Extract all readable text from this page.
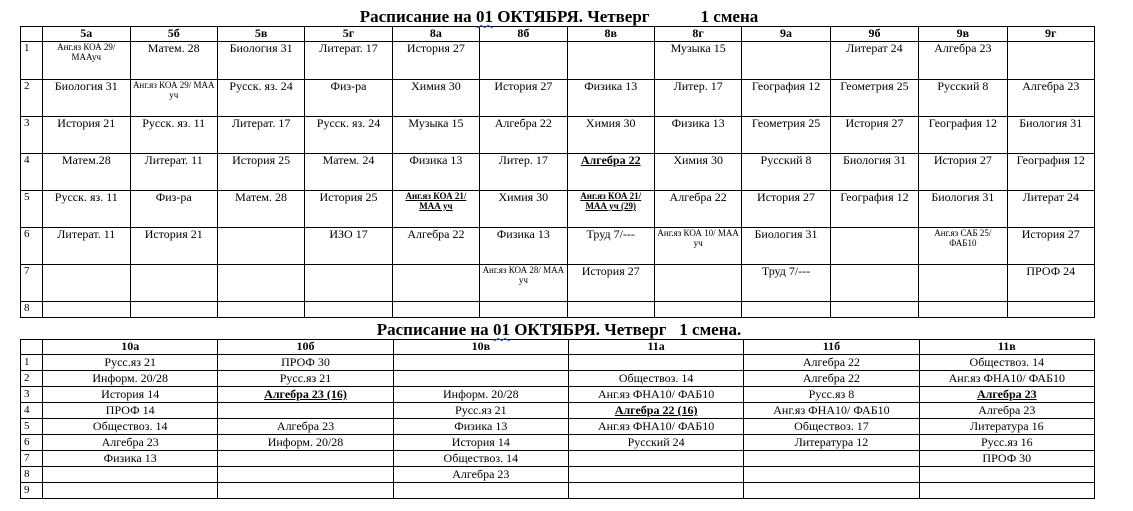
Расписание на 01 ОКТЯБРЯ. Четверг	1 смена
	5а	5б	5в	5г	8а	8б	8в	8г	9а	9б	9в	9г
1	Анг.яз КОА 29/ МААуч	Матем. 28	Биология 31	Литерат. 17	История 27			Музыка 15		Литерат 24	Алгебра 23	
2	Биология 31	Анг.яз КОА 29/ МАА уч	Русск. яз. 24	Физ-ра	Химия 30	История 27	Физика 13	Литер. 17	География 12	Геометрия 25	Русский 8	Алгебра 23
3	История 21	Русск. яз. 11	Литерат. 17	Русск. яз. 24	Музыка 15	Алгебра 22	Химия 30	Физика 13	Геометрия 25	История 27	География 12	Биология 31
4	Матем.28	Литерат. 11	История 25	Матем. 24	Физика 13	Литер. 17	Алгебра 22	Химия 30	Русский 8	Биология 31	История 27	География 12
5	Русск. яз. 11	Физ-ра	Матем. 28	История 25	Анг.яз КОА 21/ МАА уч	Химия 30	Анг.яз КОА 21/ МАА уч (29)	Алгебра 22	История 27	География 12	Биология 31	Литерат 24
6	Литерат. 11	История 21		ИЗО 17	Алгебра 22	Физика 13	Труд 7/---	Анг.яз КОА 10/ МАА уч	Биология 31		Анг.яз САБ 25/ ФАБ10	История 27
7						Анг.яз КОА 28/ МАА уч	История 27		Труд 7/---			ПРОФ 24
8												
Расписание на 01 ОКТЯБРЯ. Четверг 1 смена.
	10а	10б	10в	11а	11б	11в
1	Русс.яз 21	ПРОФ 30			Алгебра 22	Обществоз. 14
2	Информ. 20/28	Русс.яз 21		Обществоз. 14	Алгебра 22	Анг.яз ФНА10/ ФАБ10
3	История 14	Алгебра 23 (16)	Информ. 20/28	Анг.яз ФНА10/ ФАБ10	Русс.яз 8	Алгебра 23
4	ПРОФ 14		Русс.яз 21	Алгебра 22 (16)	Анг.яз ФНА10/ ФАБ10	Алгебра 23
5	Обществоз. 14	Алгебра 23	Физика 13	Анг.яз ФНА10/ ФАБ10	Обществоз. 17	Литература 16
6	Алгебра 23	Информ. 20/28	История 14	Русский 24	Литература 12	Русс.яз 16
7	Физика 13		Обществоз. 14			ПРОФ 30
8			Алгебра 23			
9						
